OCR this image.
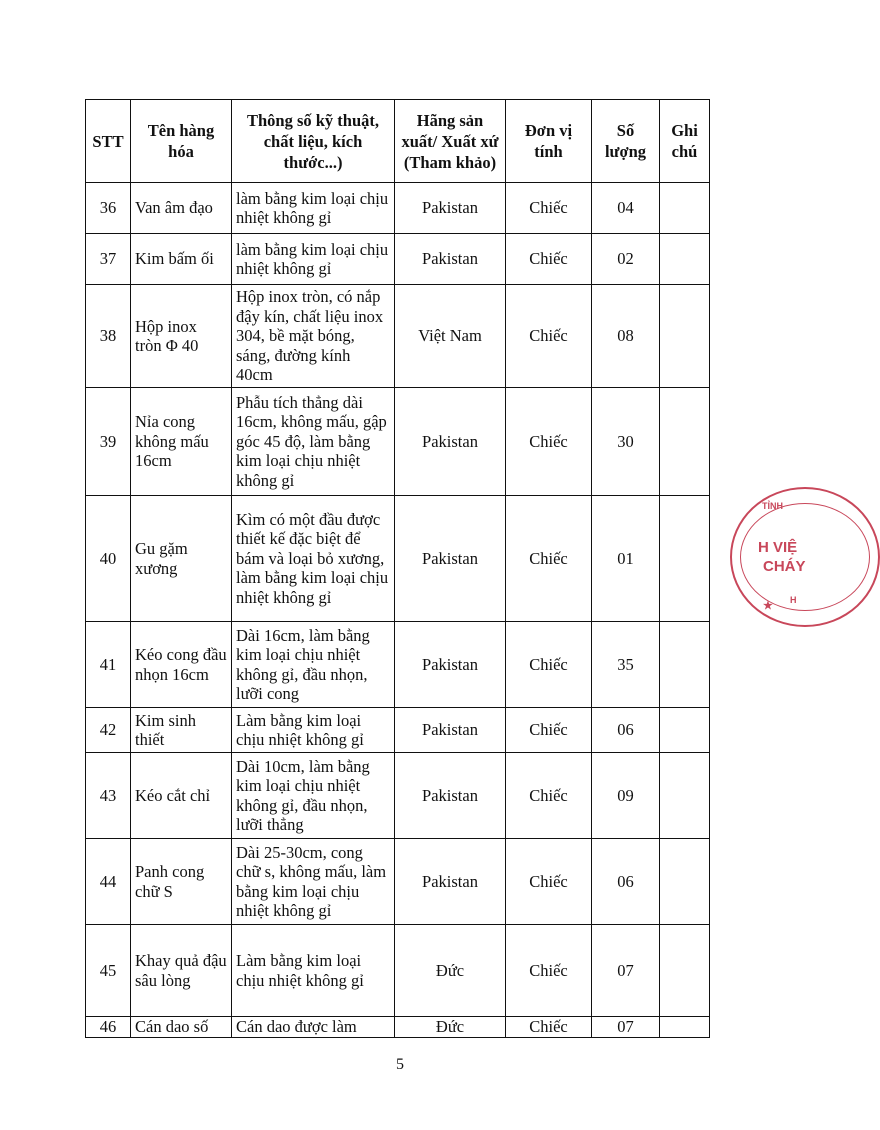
STT	Tên hàng hóa	Thông số kỹ thuật, chất liệu, kích thước...)	Hãng sản xuất/ Xuất xứ (Tham khảo)	Đơn vị tính	Số lượng	Ghi chú
36	Van âm đạo	làm bằng kim loại chịu nhiệt không gỉ	Pakistan	Chiếc	04	
37	Kim bấm ối	làm bằng kim loại chịu nhiệt không gỉ	Pakistan	Chiếc	02	
38	Hộp inox tròn Φ 40	Hộp inox tròn, có nắp đậy kín, chất liệu inox 304, bề mặt bóng, sáng, đường kính 40cm	Việt Nam	Chiếc	08	
39	Nỉa cong không mấu 16cm	Phẫu tích thẳng dài 16cm, không mấu, gập góc 45 độ, làm bằng kim loại chịu nhiệt không gỉ	Pakistan	Chiếc	30	
40	Gu gặm xương	Kìm có một đầu được thiết kế đặc biệt để bám và loại bỏ xương, làm bằng kim loại chịu nhiệt không gỉ	Pakistan	Chiếc	01	
41	Kéo cong đầu nhọn 16cm	Dài 16cm, làm bằng kim loại chịu nhiệt không gỉ, đầu nhọn, lưỡi cong	Pakistan	Chiếc	35	
42	Kim sinh thiết	Làm bằng kim loại chịu nhiệt không gỉ	Pakistan	Chiếc	06	
43	Kéo cắt chỉ	Dài 10cm, làm bằng kim loại chịu nhiệt không gỉ, đầu nhọn, lưỡi thẳng	Pakistan	Chiếc	09	
44	Panh cong chữ S	Dài 25-30cm, cong chữ s, không mấu, làm bằng kim loại chịu nhiệt không gỉ	Pakistan	Chiếc	06	
45	Khay quả đậu sâu lòng	Làm bằng kim loại chịu nhiệt không gỉ	Đức	Chiếc	07	
46	Cán dao số	Cán dao được làm	Đức	Chiếc	07	
5
TỈNH
H VIỆ
CHÁY
★ H
